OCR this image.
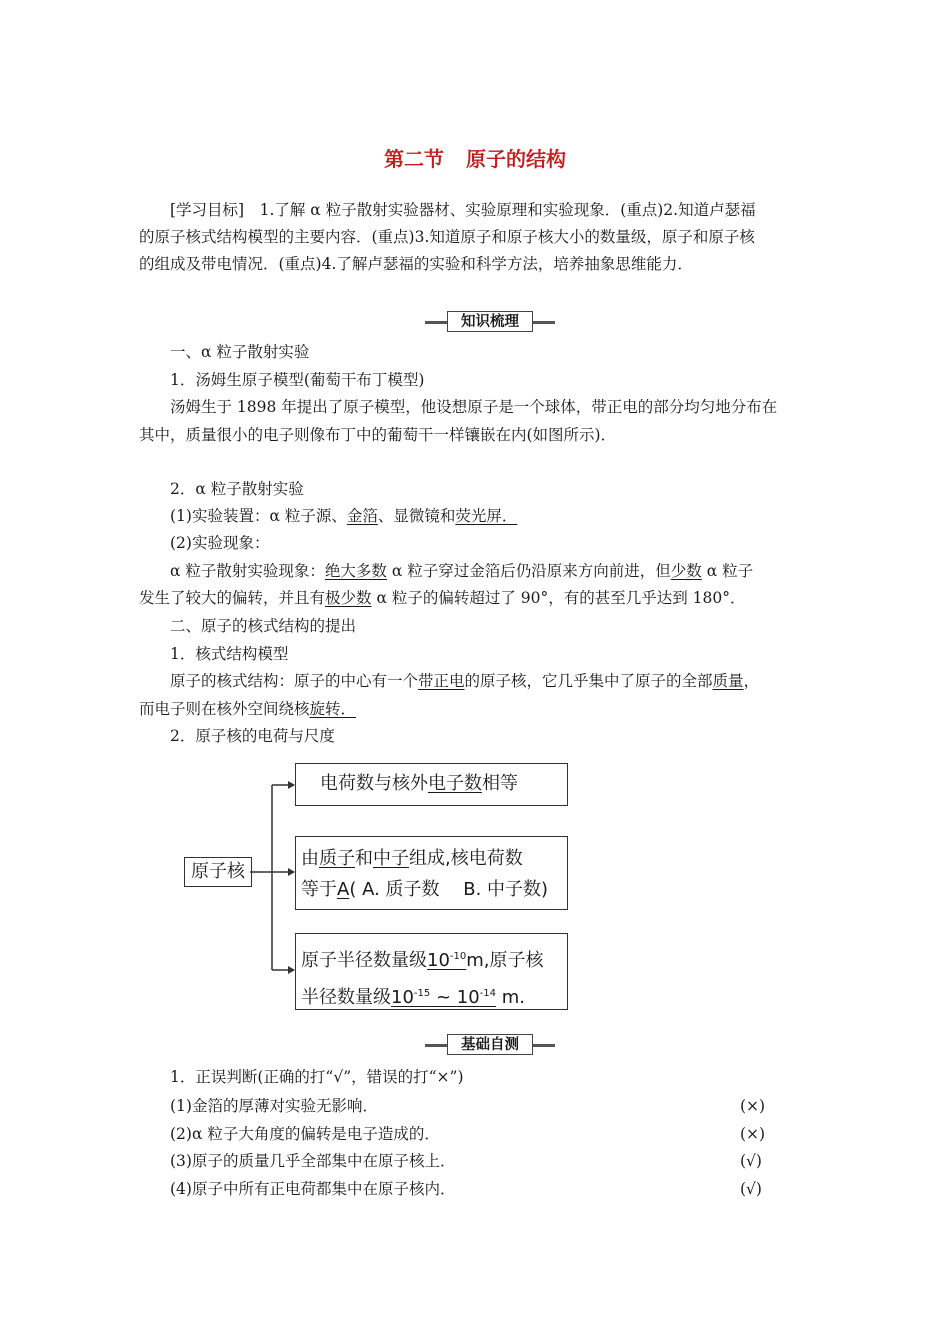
第二节 原子的结构
[学习目标]　1.了解 α 粒子散射实验器材、实验原理和实验现象．(重点)2.知道卢瑟福
的原子核式结构模型的主要内容．(重点)3.知道原子和原子核大小的数量级，原子和原子核
的组成及带电情况．(重点)4.了解卢瑟福的实验和科学方法，培养抽象思维能力．
知识梳理
一、α 粒子散射实验
1．汤姆生原子模型(葡萄干布丁模型)
汤姆生于 1898 年提出了原子模型，他设想原子是一个球体，带正电的部分均匀地分布在
其中，质量很小的电子则像布丁中的葡萄干一样镶嵌在内(如图所示)．
2．α 粒子散射实验
(1)实验装置：α 粒子源、金箔、显微镜和荧光屏．
(2)实验现象：
α 粒子散射实验现象：绝大多数 α 粒子穿过金箔后仍沿原来方向前进，但少数 α 粒子
发生了较大的偏转，并且有极少数 α 粒子的偏转超过了 90°，有的甚至几乎达到 180°．
二、原子的核式结构的提出
1．核式结构模型
原子的核式结构：原子的中心有一个带正电的原子核，它几乎集中了原子的全部质量，
而电子则在核外空间绕核旋转．
2．原子核的电荷与尺度
原子核
电荷数与核外电子数相等
由质子和中子组成,核电荷数
等于A( A. 质子数　 B. 中子数)
原子半径数量级$10^{-10}m$,原子核
半径数量级$10^{-15}$ ~ $10^{-14}$ m.
基础自测
1．正误判断(正确的打“√”，错误的打“×”)
(1)金箔的厚薄对实验无影响．	(×)
(2)α 粒子大角度的偏转是电子造成的．	(×)
(3)原子的质量几乎全部集中在原子核上．	(√)
(4)原子中所有正电荷都集中在原子核内．	(√)
